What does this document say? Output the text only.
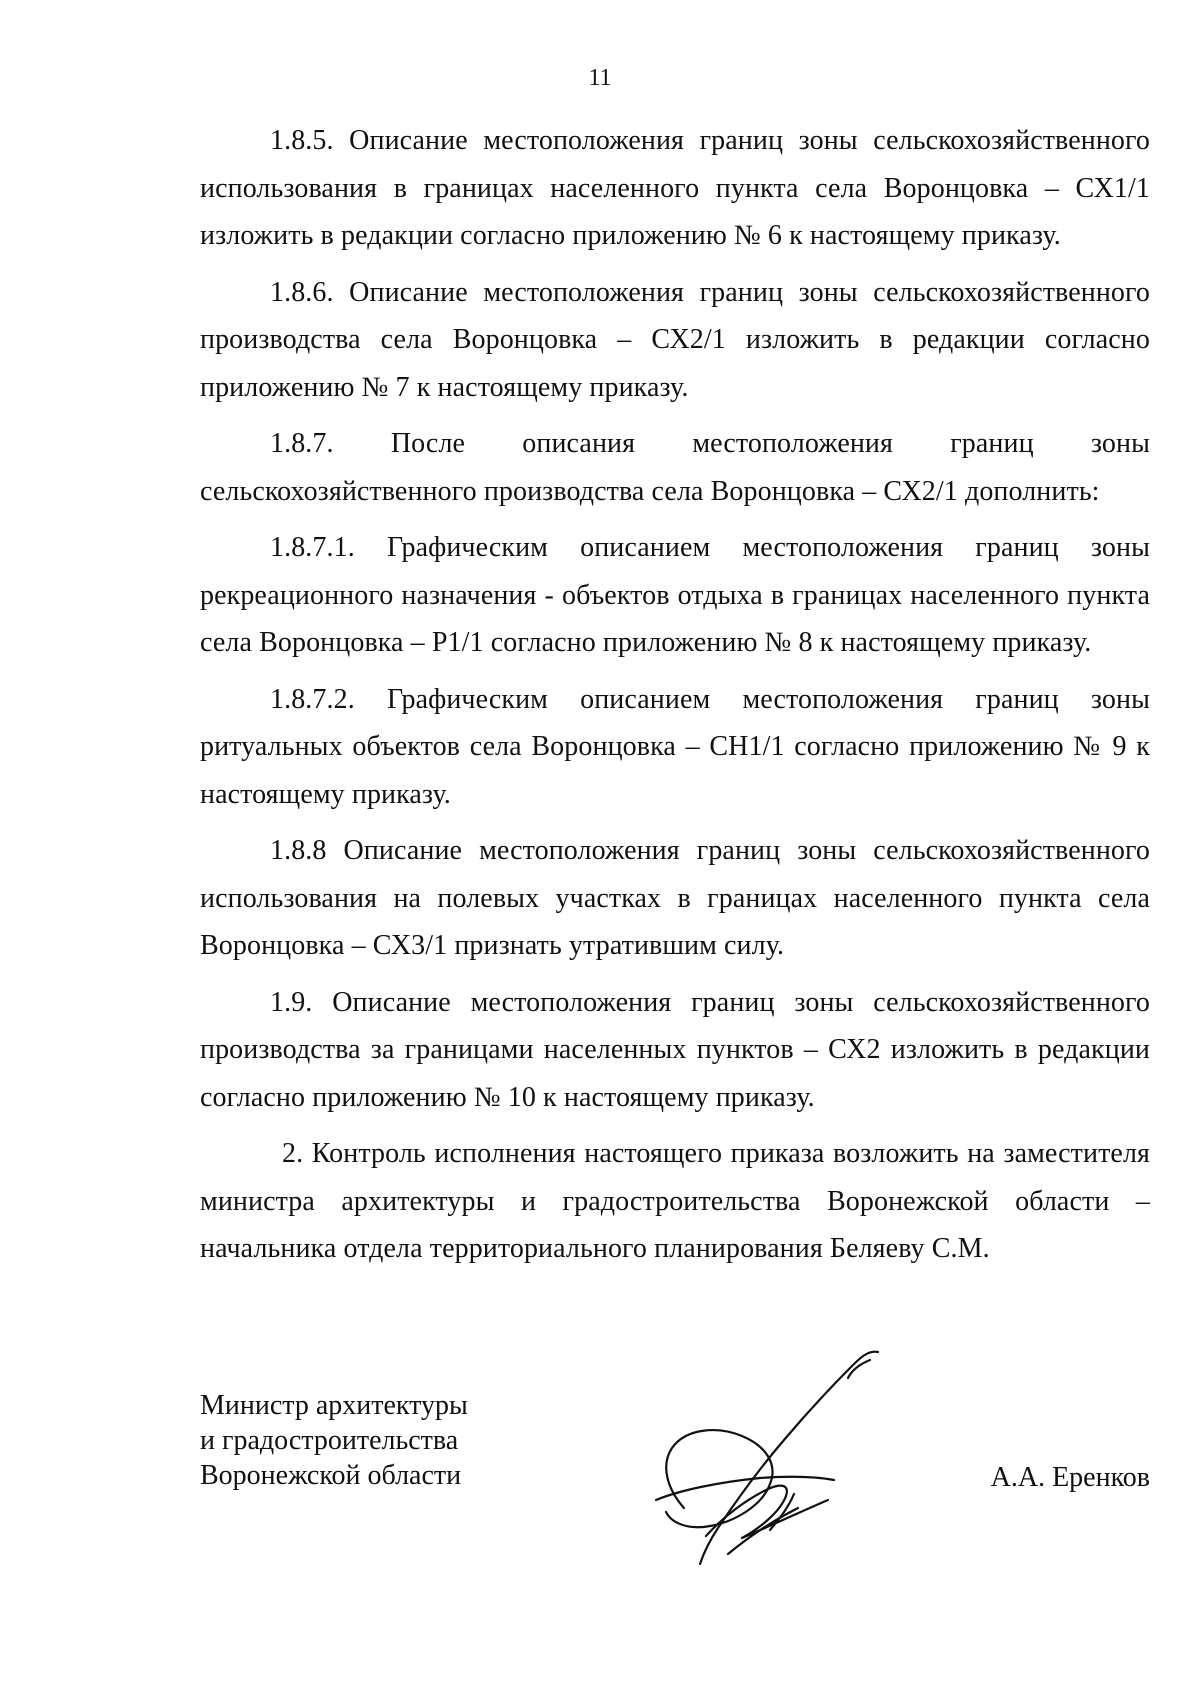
11

1.8.5. Описание местоположения границ зоны сельскохозяйственного использования в границах населенного пункта села Воронцовка – СХ1/1 изложить в редакции согласно приложению № 6 к настоящему приказу.

1.8.6. Описание местоположения границ зоны сельскохозяйственного производства села Воронцовка – СХ2/1 изложить в редакции согласно приложению № 7 к настоящему приказу.

1.8.7. После описания местоположения границ зоны сельскохозяйственного производства села Воронцовка – СХ2/1 дополнить:

1.8.7.1. Графическим описанием местоположения границ зоны рекреационного назначения - объектов отдыха в границах населенного пункта села Воронцовка – Р1/1 согласно приложению № 8 к настоящему приказу.

1.8.7.2. Графическим описанием местоположения границ зоны ритуальных объектов села Воронцовка – СН1/1 согласно приложению № 9 к настоящему приказу.

1.8.8 Описание местоположения границ зоны сельскохозяйственного использования на полевых участках в границах населенного пункта села Воронцовка – СХ3/1 признать утратившим силу.

1.9. Описание местоположения границ зоны сельскохозяйственного производства за границами населенных пунктов – СХ2 изложить в редакции согласно приложению № 10 к настоящему приказу.

2. Контроль исполнения настоящего приказа возложить на заместителя министра архитектуры и градостроительства Воронежской области – начальника отдела территориального планирования Беляеву С.М.

Министр архитектуры
и градостроительства
Воронежской области	А.А. Еренков
